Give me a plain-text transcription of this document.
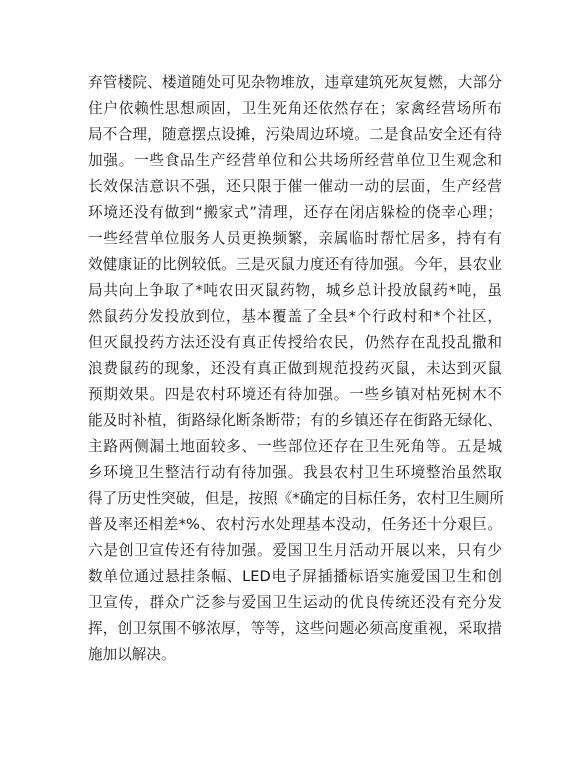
弃管楼院、楼道随处可见杂物堆放，违章建筑死灰复燃，大部分
住户依赖性思想顽固，卫生死角还依然存在；家禽经营场所布
局不合理，随意摆点设摊，污染周边环境。二是食品安全还有待
加强。一些食品生产经营单位和公共场所经营单位卫生观念和
长效保洁意识不强，还只限于催一催动一动的层面，生产经营
环境还没有做到“搬家式”清理，还存在闭店躲检的侥幸心理；
一些经营单位服务人员更换频繁，亲属临时帮忙居多，持有有
效健康证的比例较低。三是灭鼠力度还有待加强。今年，县农业
局共向上争取了*吨农田灭鼠药物，城乡总计投放鼠药*吨，虽
然鼠药分发投放到位，基本覆盖了全县*个行政村和*个社区，
但灭鼠投药方法还没有真正传授给农民，仍然存在乱投乱撒和
浪费鼠药的现象，还没有真正做到规范投药灭鼠，未达到灭鼠
预期效果。四是农村环境还有待加强。一些乡镇对枯死树木不
能及时补植，街路绿化断条断带；有的乡镇还存在街路无绿化、
主路两侧漏土地面较多、一些部位还存在卫生死角等。五是城
乡环境卫生整洁行动有待加强。我县农村卫生环境整治虽然取
得了历史性突破，但是，按照《*确定的目标任务，农村卫生厕所
普及率还相差*%、农村污水处理基本没动，任务还十分艰巨。
六是创卫宣传还有待加强。爱国卫生月活动开展以来，只有少
数单位通过悬挂条幅、LED电子屏插播标语实施爱国卫生和创
卫宣传，群众广泛参与爱国卫生运动的优良传统还没有充分发
挥，创卫氛围不够浓厚，等等，这些问题必须高度重视，采取措
施加以解决。
